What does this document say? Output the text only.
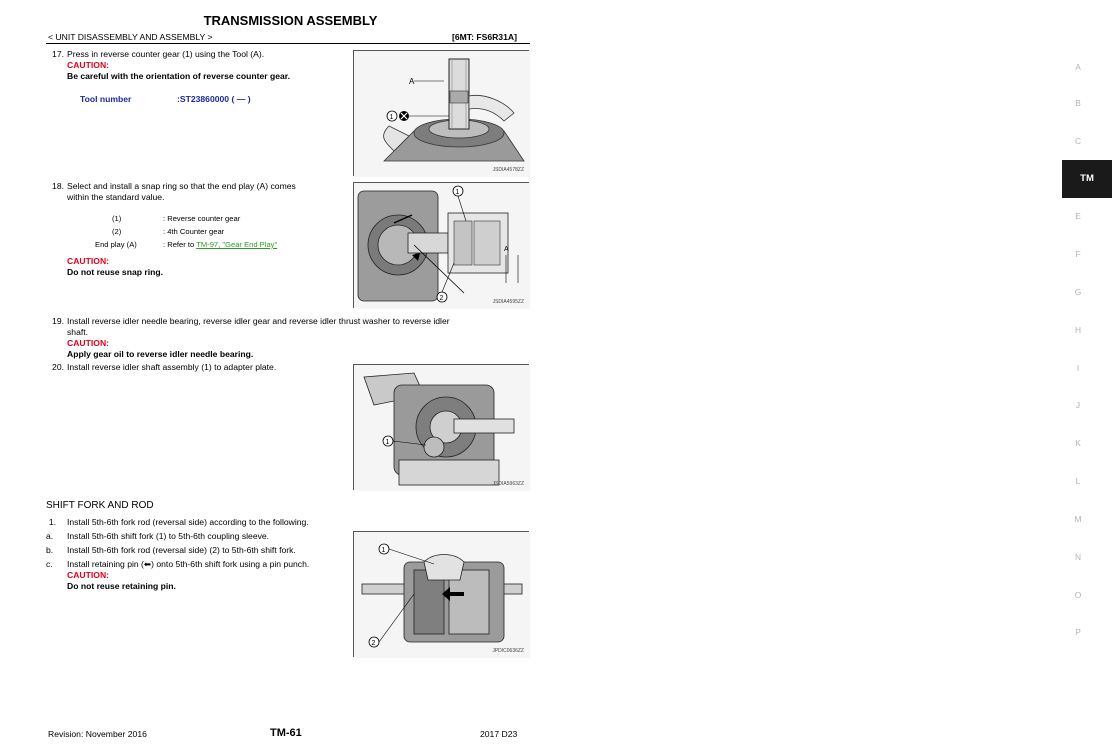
TRANSMISSION ASSEMBLY
< UNIT DISASSEMBLY AND ASSEMBLY >	[6MT: FS6R31A]
A
B
C
TM
E
F
G
H
I
J
K
L
M
N
O
P
17. Press in reverse counter gear (1) using the Tool (A).
CAUTION:
Be careful with the orientation of reverse counter gear.
Tool number	:ST23860000 ( — )
A
1
JSDIA4578ZZ
18. Select and install a snap ring so that the end play (A) comes
within the standard value.
(1)	: Reverse counter gear
(2)	: 4th Counter gear
End play (A)	: Refer to TM-97, "Gear End Play"
CAUTION:
Do not reuse snap ring.
1
2
A
JSDIA4595ZZ
19. Install reverse idler needle bearing, reverse idler gear and reverse idler thrust washer to reverse idler
shaft.
CAUTION:
Apply gear oil to reverse idler needle bearing.
20. Install reverse idler shaft assembly (1) to adapter plate.
1
JSDIA5963ZZ
SHIFT FORK AND ROD
1. Install 5th-6th fork rod (reversal side) according to the following.
a. Install 5th-6th shift fork (1) to 5th-6th coupling sleeve.
b. Install 5th-6th fork rod (reversal side) (2) to 5th-6th shift fork.
c. Install retaining pin (⬅) onto 5th-6th shift fork using a pin punch.
CAUTION:
Do not reuse retaining pin.
1
2
JPDIC0636ZZ
Revision: November 2016	TM-61	2017 D23
